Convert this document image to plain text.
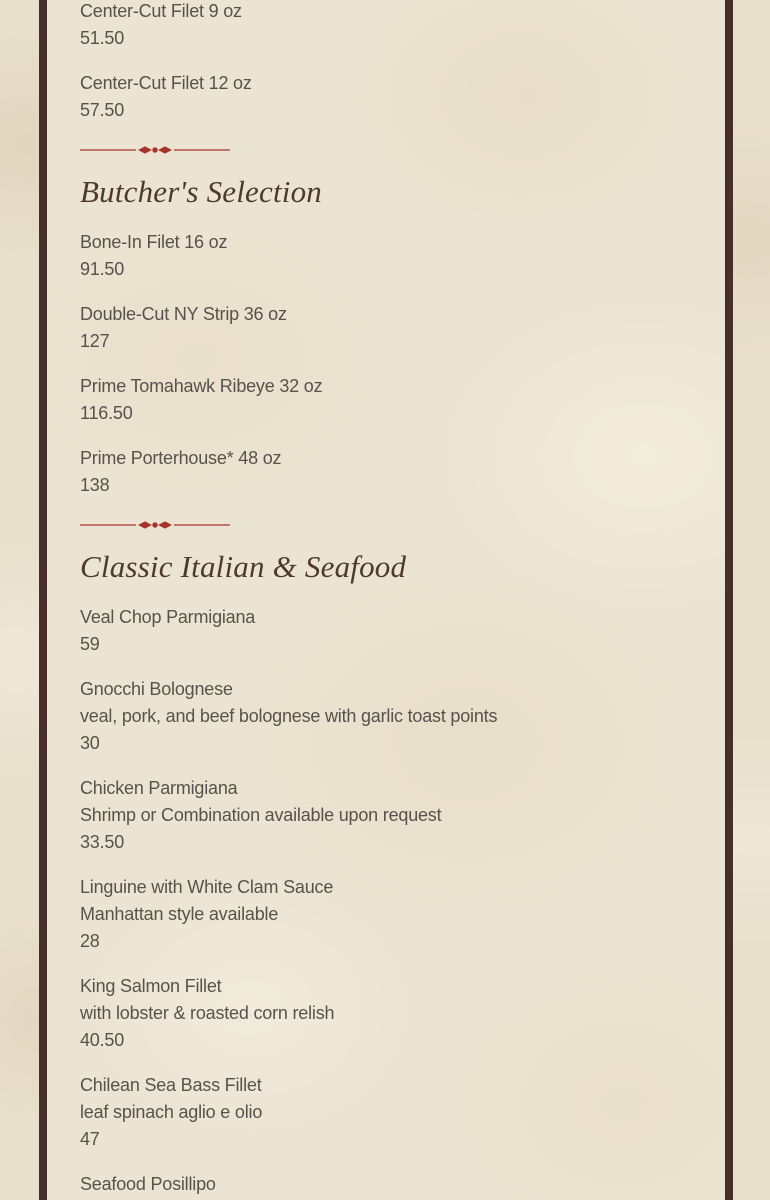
Center-Cut Filet 9 oz
51.50
Center-Cut Filet 12 oz
57.50
Butcher's Selection
Bone-In Filet 16 oz
91.50
Double-Cut NY Strip 36 oz
127
Prime Tomahawk Ribeye 32 oz
116.50
Prime Porterhouse* 48 oz
138
Classic Italian & Seafood
Veal Chop Parmigiana
59
Gnocchi Bolognese
veal, pork, and beef bolognese with garlic toast points
30
Chicken Parmigiana
Shrimp or Combination available upon request
33.50
Linguine with White Clam Sauce
Manhattan style available
28
King Salmon Fillet
with lobster & roasted corn relish
40.50
Chilean Sea Bass Fillet
leaf spinach aglio e olio
47
Seafood Posillipo
